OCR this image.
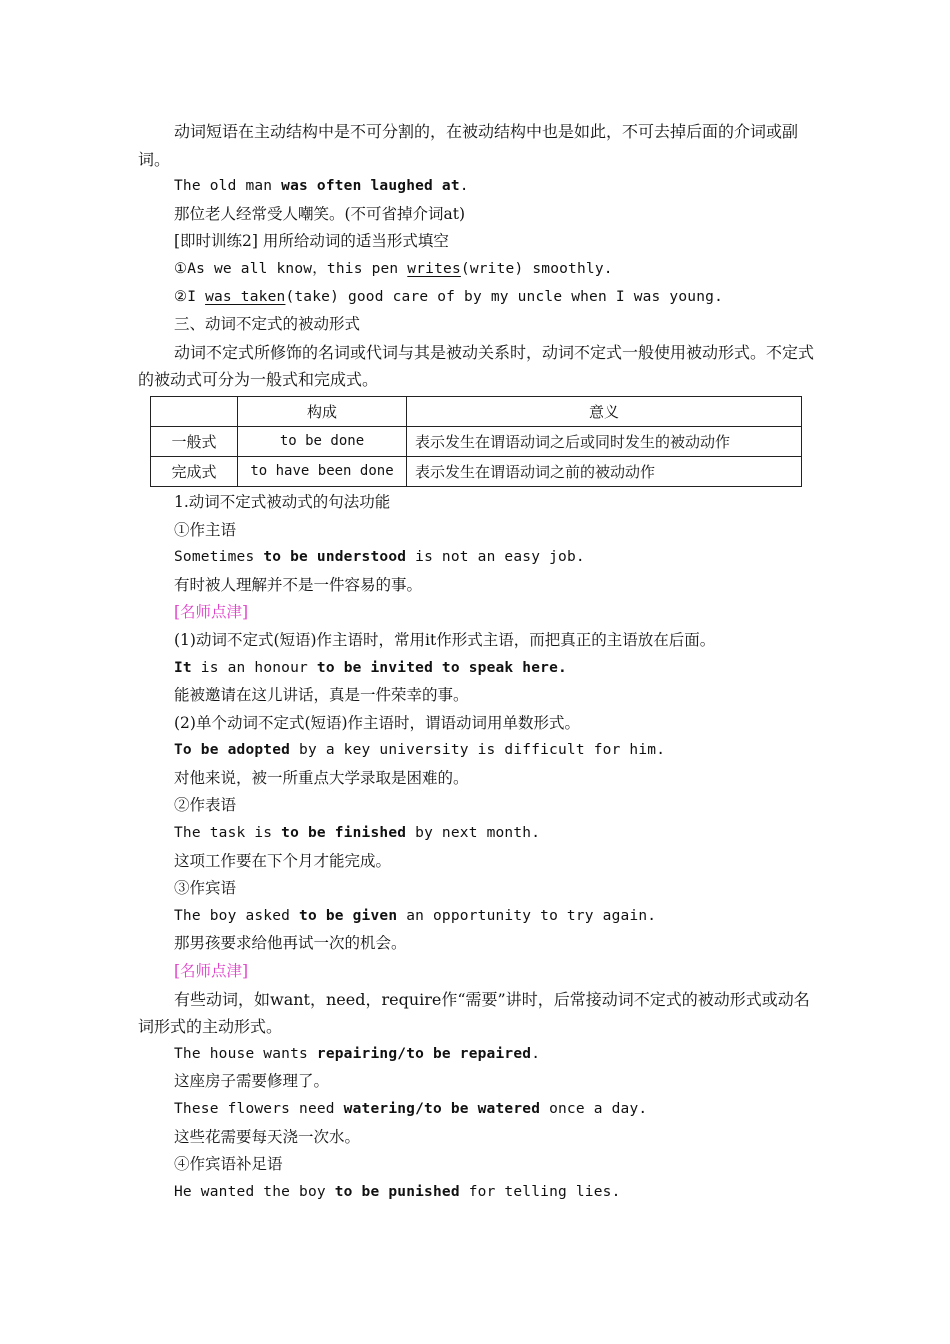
动词短语在主动结构中是不可分割的，在被动结构中也是如此，不可去掉后面的介词或副词。
The old man was often laughed at.
那位老人经常受人嘲笑。(不可省掉介词at)
[即时训练2] 用所给动词的适当形式填空
①As we all know，this pen writes(write) smoothly.
②I was taken(take) good care of by my uncle when I was young.
三、动词不定式的被动形式
动词不定式所修饰的名词或代词与其是被动关系时，动词不定式一般使用被动形式。不定式的被动式可分为一般式和完成式。
	构成	意义
一般式	to be done	表示发生在谓语动词之后或同时发生的被动动作
完成式	to have been done	表示发生在谓语动词之前的被动动作
1.动词不定式被动式的句法功能
①作主语
Sometimes to be understood is not an easy job.
有时被人理解并不是一件容易的事。
[名师点津]
(1)动词不定式(短语)作主语时，常用it作形式主语，而把真正的主语放在后面。
It is an honour to be invited to speak here.
能被邀请在这儿讲话，真是一件荣幸的事。
(2)单个动词不定式(短语)作主语时，谓语动词用单数形式。
To be adopted by a key university is difficult for him.
对他来说，被一所重点大学录取是困难的。
②作表语
The task is to be finished by next month.
这项工作要在下个月才能完成。
③作宾语
The boy asked to be given an opportunity to try again.
那男孩要求给他再试一次的机会。
[名师点津]
有些动词，如want，need，require作“需要”讲时，后常接动词不定式的被动形式或动名词形式的主动形式。
The house wants repairing/to be repaired.
这座房子需要修理了。
These flowers need watering/to be watered once a day.
这些花需要每天浇一次水。
④作宾语补足语
He wanted the boy to be punished for telling lies.
